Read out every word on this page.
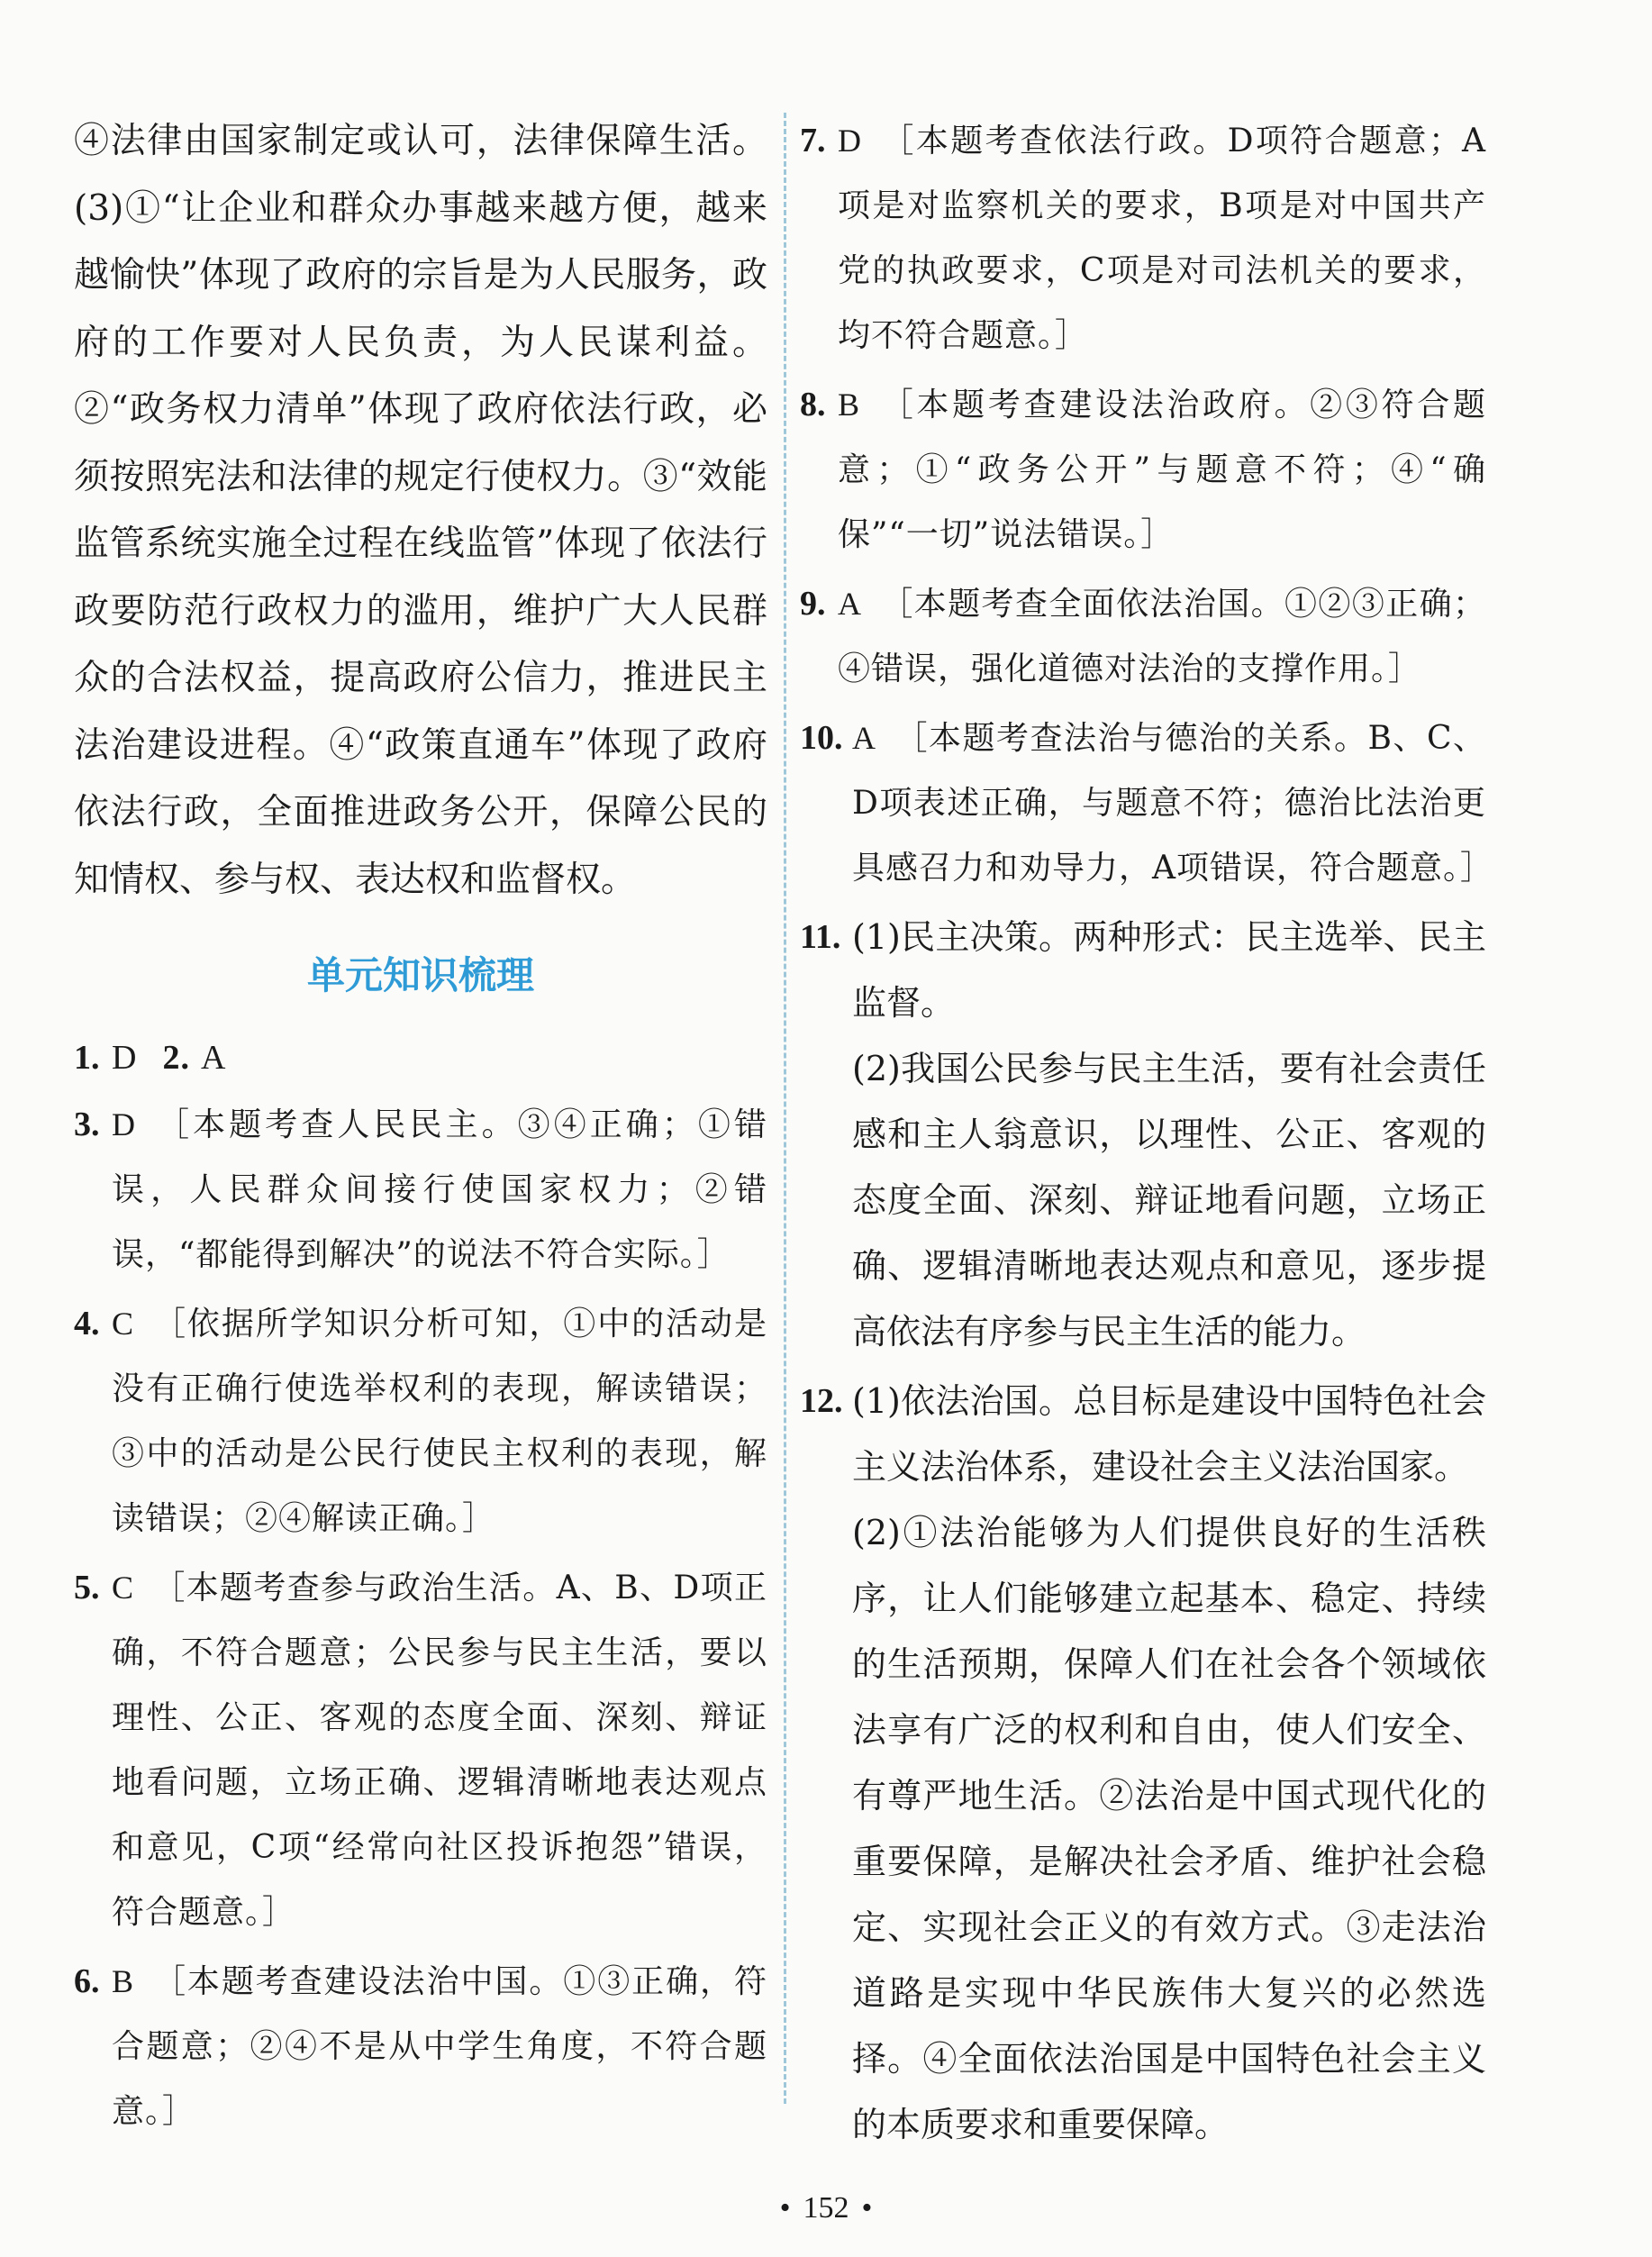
④法律由国家制定或认可，法律保障生活。

(3)①“让企业和群众办事越来越方便，越来越愉快”体现了政府的宗旨是为人民服务，政府的工作要对人民负责，为人民谋利益。②“政务权力清单”体现了政府依法行政，必须按照宪法和法律的规定行使权力。③“效能监管系统实施全过程在线监管”体现了依法行政要防范行政权力的滥用，维护广大人民群众的合法权益，提高政府公信力，推进民主法治建设进程。④“政策直通车”体现了政府依法行政，全面推进政务公开，保障公民的知情权、参与权、表达权和监督权。

单元知识梳理
1. D 2. A
3. D ［本题考查人民民主。③④正确；①错误，人民群众间接行使国家权力；②错误，“都能得到解决”的说法不符合实际。］
4. C ［依据所学知识分析可知，①中的活动是没有正确行使选举权利的表现，解读错误；③中的活动是公民行使民主权利的表现，解读错误；②④解读正确。］
5. C ［本题考查参与政治生活。A、B、D项正确，不符合题意；公民参与民主生活，要以理性、公正、客观的态度全面、深刻、辩证地看问题，立场正确、逻辑清晰地表达观点和意见，C项“经常向社区投诉抱怨”错误，符合题意。］
6. B ［本题考查建设法治中国。①③正确，符合题意；②④不是从中学生角度，不符合题意。］
7. D ［本题考查依法行政。D项符合题意；A项是对监察机关的要求，B项是对中国共产党的执政要求，C项是对司法机关的要求，均不符合题意。］
8. B ［本题考查建设法治政府。②③符合题意；①“政务公开”与题意不符；④“确保”“一切”说法错误。］
9. A ［本题考查全面依法治国。①②③正确；④错误，强化道德对法治的支撑作用。］
10. A ［本题考查法治与德治的关系。B、C、D项表述正确，与题意不符；德治比法治更具感召力和劝导力，A项错误，符合题意。］
11. (1)民主决策。两种形式：民主选举、民主监督。
(2)我国公民参与民主生活，要有社会责任感和主人翁意识，以理性、公正、客观的态度全面、深刻、辩证地看问题，立场正确、逻辑清晰地表达观点和意见，逐步提高依法有序参与民主生活的能力。
12. (1)依法治国。总目标是建设中国特色社会主义法治体系，建设社会主义法治国家。
(2)①法治能够为人们提供良好的生活秩序，让人们能够建立起基本、稳定、持续的生活预期，保障人们在社会各个领域依法享有广泛的权利和自由，使人们安全、有尊严地生活。②法治是中国式现代化的重要保障，是解决社会矛盾、维护社会稳定、实现社会正义的有效方式。③走法治道路是实现中华民族伟大复兴的必然选择。④全面依法治国是中国特色社会主义的本质要求和重要保障。
• 152 •
